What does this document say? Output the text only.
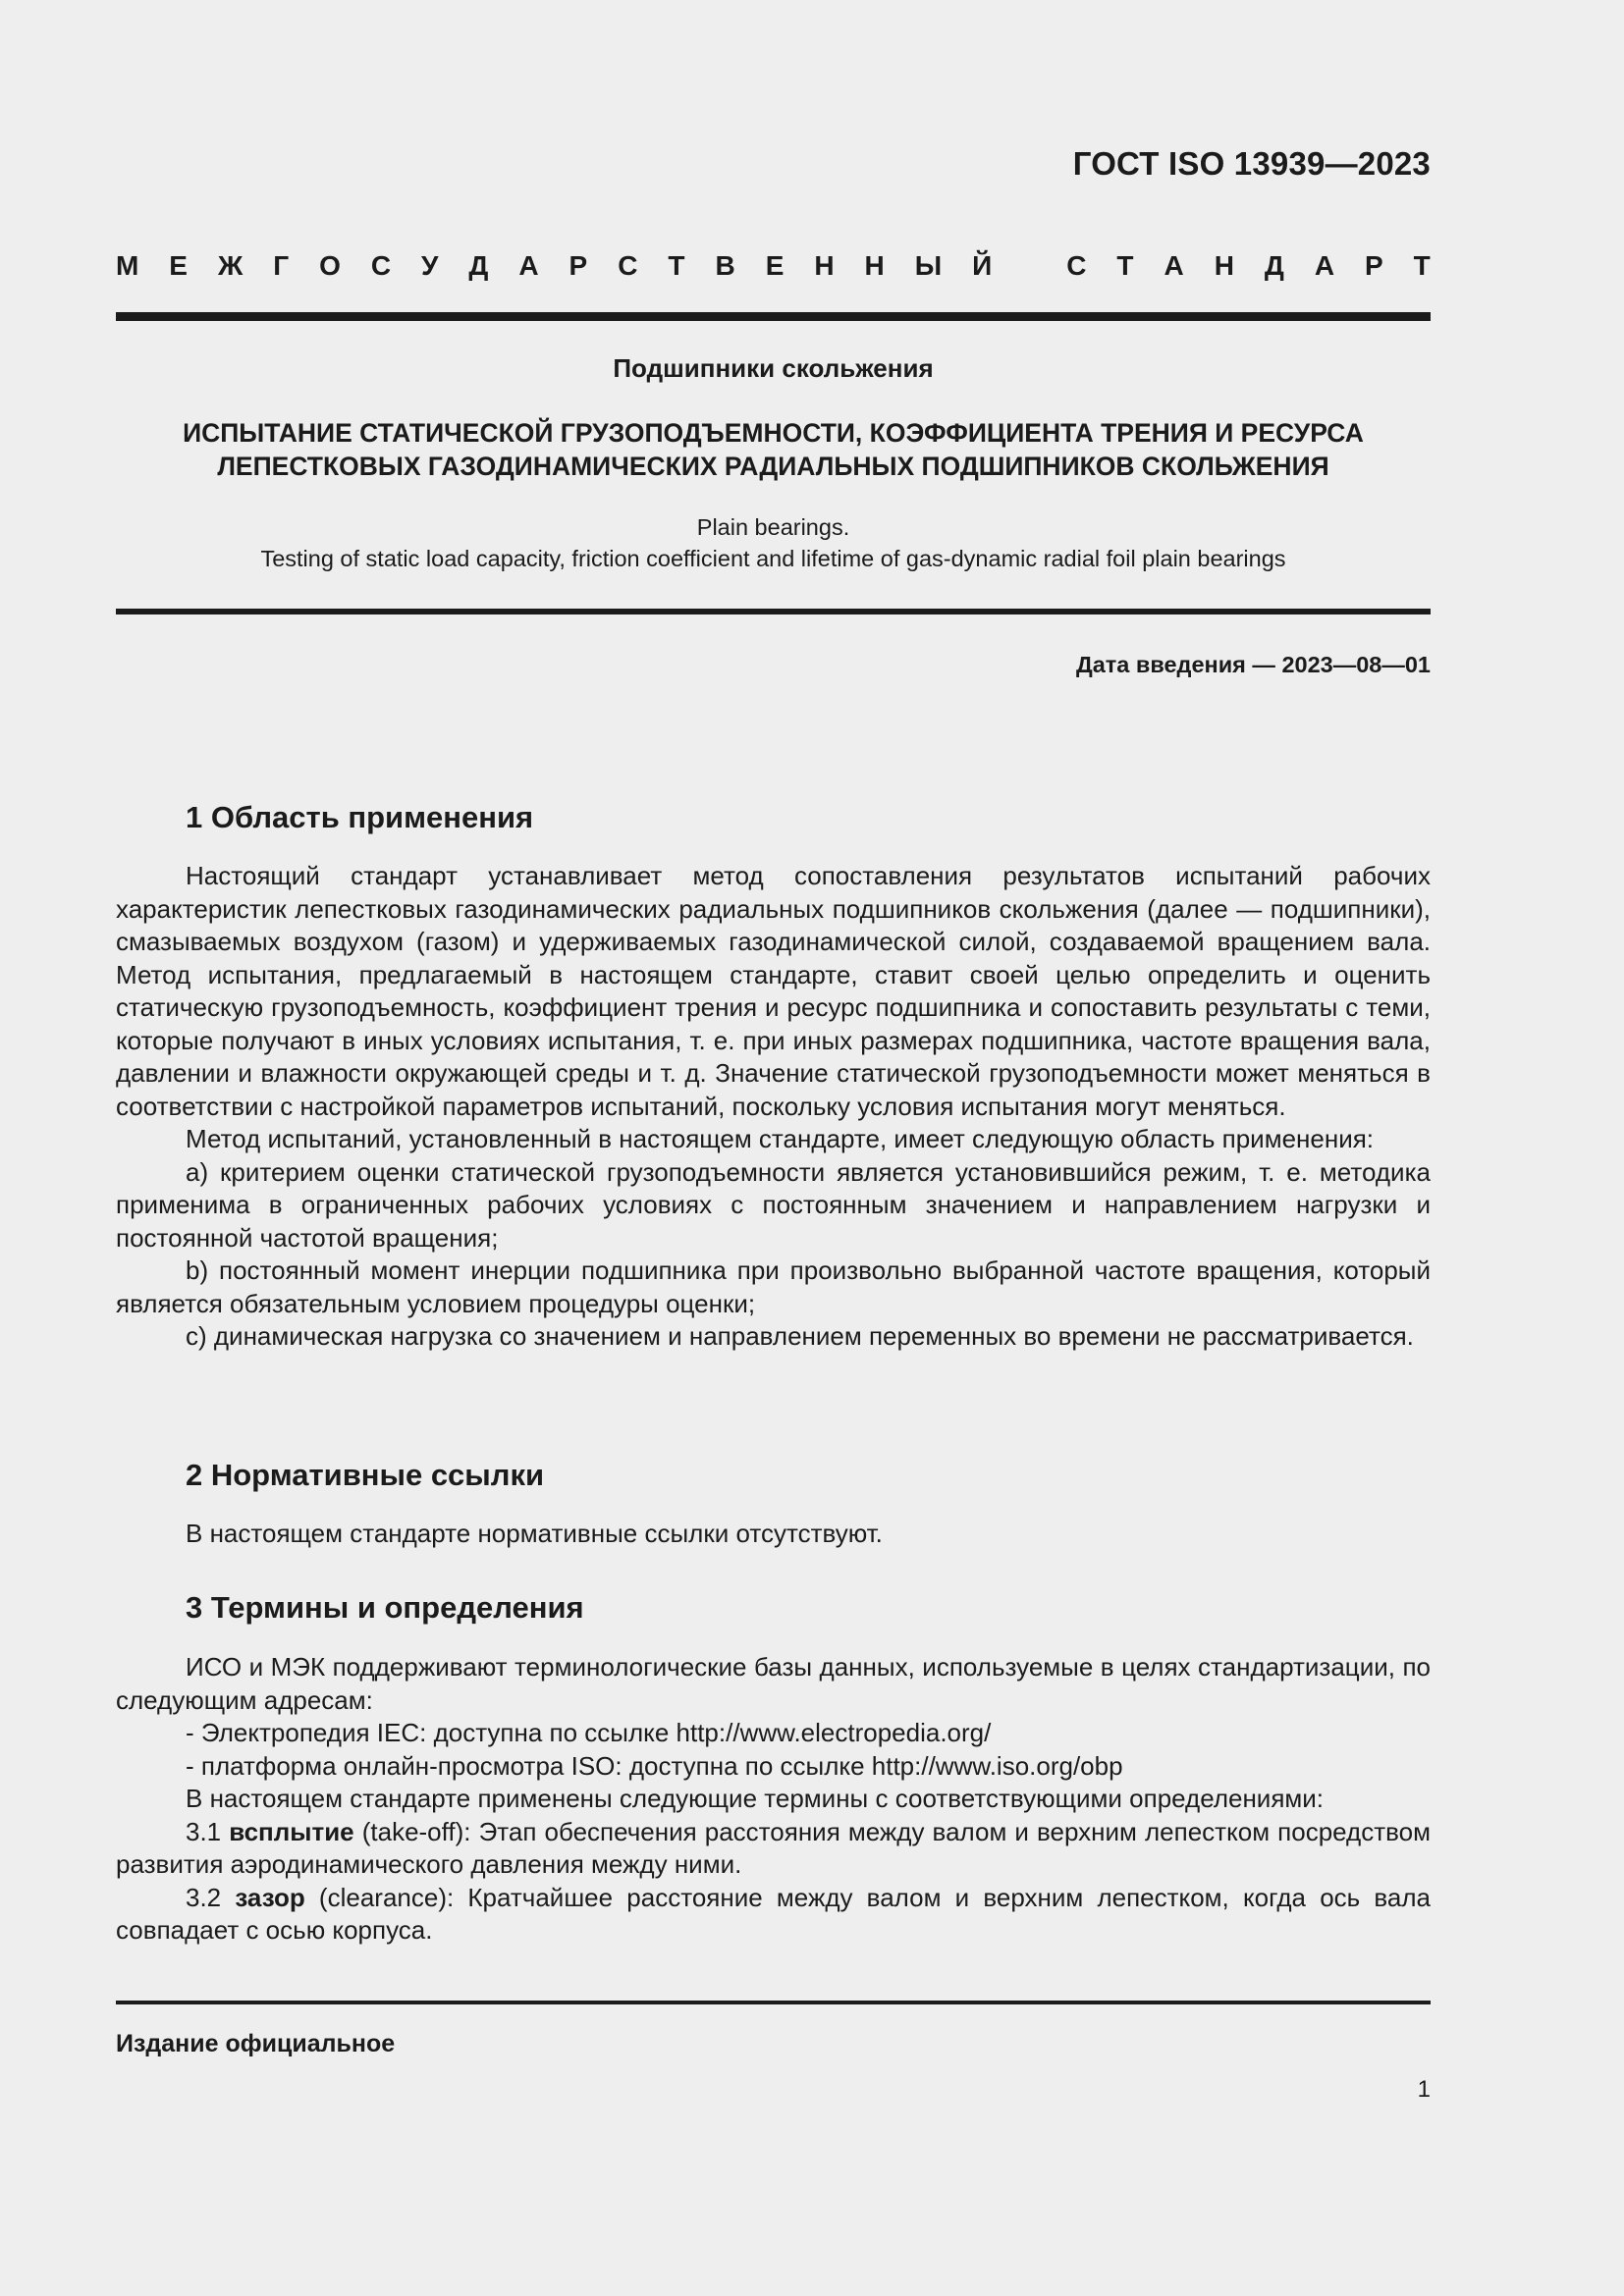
ГОСТ ISO 13939—2023
М Е Ж Г О С У Д А Р С Т В Е Н Н Ы Й	С Т А Н Д А Р Т
Подшипники скольжения
ИСПЫТАНИЕ СТАТИЧЕСКОЙ ГРУЗОПОДЪЕМНОСТИ, КОЭФФИЦИЕНТА ТРЕНИЯ И РЕСУРСА
ЛЕПЕСТКОВЫХ ГАЗОДИНАМИЧЕСКИХ РАДИАЛЬНЫХ ПОДШИПНИКОВ СКОЛЬЖЕНИЯ
Plain bearings.
Testing of static load capacity, friction coefficient and lifetime of gas-dynamic radial foil plain bearings
Дата введения — 2023—08—01
1 Область применения

Настоящий стандарт устанавливает метод сопоставления результатов испытаний рабочих характеристик лепестковых газодинамических радиальных подшипников скольжения (далее — подшипники), смазываемых воздухом (газом) и удерживаемых газодинамической силой, создаваемой вращением вала. Метод испытания, предлагаемый в настоящем стандарте, ставит своей целью определить и оценить статическую грузоподъемность, коэффициент трения и ресурс подшипника и сопоставить результаты с теми, которые получают в иных условиях испытания, т. е. при иных размерах подшипника, частоте вращения вала, давлении и влажности окружающей среды и т. д. Значение статической грузоподъемности может меняться в соответствии с настройкой параметров испытаний, поскольку условия испытания могут меняться.

Метод испытаний, установленный в настоящем стандарте, имеет следующую область применения:

а) критерием оценки статической грузоподъемности является установившийся режим, т. е. методика применима в ограниченных рабочих условиях с постоянным значением и направлением нагрузки и постоянной частотой вращения;

b) постоянный момент инерции подшипника при произвольно выбранной частоте вращения, который является обязательным условием процедуры оценки;

с) динамическая нагрузка со значением и направлением переменных во времени не рассматривается.

2 Нормативные ссылки

В настоящем стандарте нормативные ссылки отсутствуют.

3 Термины и определения

ИСО и МЭК поддерживают терминологические базы данных, используемые в целях стандартизации, по следующим адресам:

- Электропедия IEC: доступна по ссылке http://www.electropedia.org/

- платформа онлайн-просмотра ISO: доступна по ссылке http://www.iso.org/obp

В настоящем стандарте применены следующие термины с соответствующими определениями:

3.1 всплытие (take-off): Этап обеспечения расстояния между валом и верхним лепестком посредством развития аэродинамического давления между ними.

3.2 зазор (clearance): Кратчайшее расстояние между валом и верхним лепестком, когда ось вала совпадает с осью корпуса.

Издание официальное
1
